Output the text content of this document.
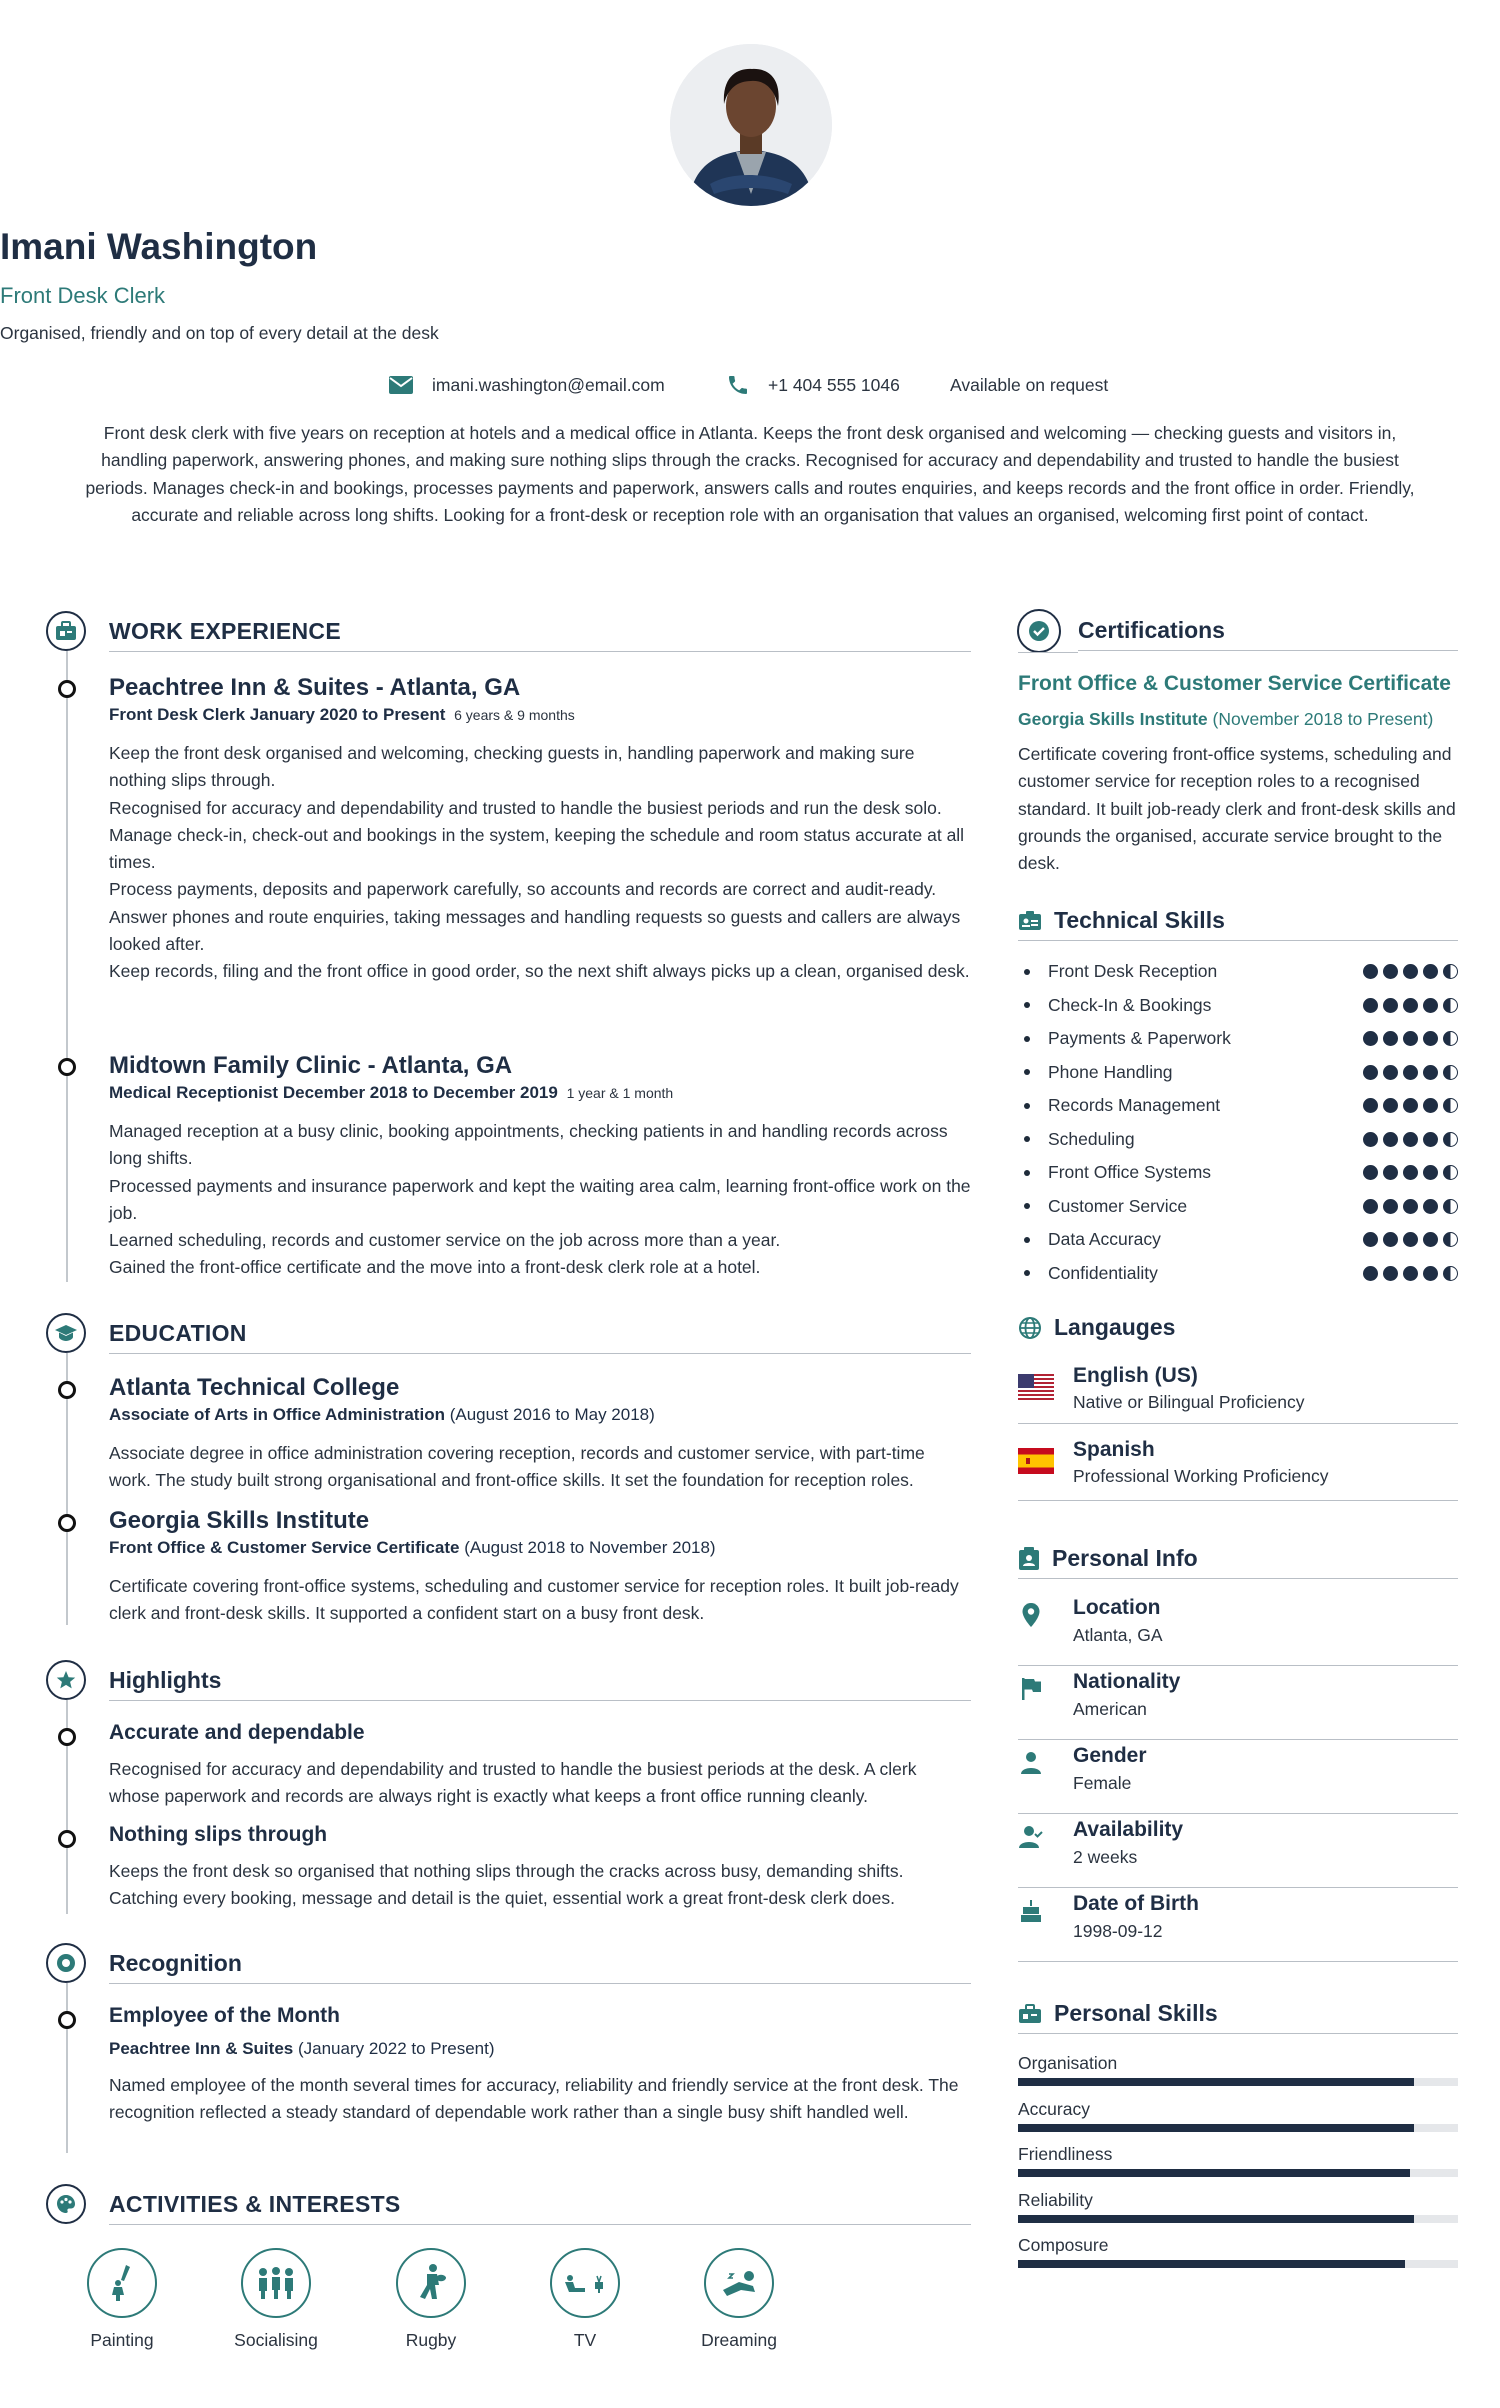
Imani Washington
Front Desk Clerk
Organised, friendly and on top of every detail at the desk
imani.washington@email.com	+1 404 555 1046	Available on request
Front desk clerk with five years on reception at hotels and a medical office in Atlanta. Keeps the front desk organised and welcoming — checking guests and visitors in, handling paperwork, answering phones, and making sure nothing slips through the cracks. Recognised for accuracy and dependability and trusted to handle the busiest periods. Manages check-in and bookings, processes payments and paperwork, answers calls and routes enquiries, and keeps records and the front office in order. Friendly, accurate and reliable across long shifts. Looking for a front-desk or reception role with an organisation that values an organised, welcoming first point of contact.
WORK EXPERIENCE
Peachtree Inn & Suites - Atlanta, GA
Front Desk Clerk January 2020 to Present 6 years & 9 months
Keep the front desk organised and welcoming, checking guests in, handling paperwork and making sure nothing slips through.
Recognised for accuracy and dependability and trusted to handle the busiest periods and run the desk solo.
Manage check-in, check-out and bookings in the system, keeping the schedule and room status accurate at all times.
Process payments, deposits and paperwork carefully, so accounts and records are correct and audit-ready.
Answer phones and route enquiries, taking messages and handling requests so guests and callers are always looked after.
Keep records, filing and the front office in good order, so the next shift always picks up a clean, organised desk.
Midtown Family Clinic - Atlanta, GA
Medical Receptionist December 2018 to December 2019 1 year & 1 month
Managed reception at a busy clinic, booking appointments, checking patients in and handling records across long shifts.
Processed payments and insurance paperwork and kept the waiting area calm, learning front-office work on the job.
Learned scheduling, records and customer service on the job across more than a year.
Gained the front-office certificate and the move into a front-desk clerk role at a hotel.
EDUCATION
Atlanta Technical College
Associate of Arts in Office Administration (August 2016 to May 2018)
Associate degree in office administration covering reception, records and customer service, with part-time work. The study built strong organisational and front-office skills. It set the foundation for reception roles.
Georgia Skills Institute
Front Office & Customer Service Certificate (August 2018 to November 2018)
Certificate covering front-office systems, scheduling and customer service for reception roles. It built job-ready clerk and front-desk skills. It supported a confident start on a busy front desk.
Highlights
Accurate and dependable
Recognised for accuracy and dependability and trusted to handle the busiest periods at the desk. A clerk whose paperwork and records are always right is exactly what keeps a front office running cleanly.
Nothing slips through
Keeps the front desk so organised that nothing slips through the cracks across busy, demanding shifts. Catching every booking, message and detail is the quiet, essential work a great front-desk clerk does.
Recognition
Employee of the Month
Peachtree Inn & Suites (January 2022 to Present)
Named employee of the month several times for accuracy, reliability and friendly service at the front desk. The recognition reflected a steady standard of dependable work rather than a single busy shift handled well.
ACTIVITIES & INTERESTS
Painting	Socialising	Rugby	TV	Dreaming
Certifications
Front Office & Customer Service Certificate
Georgia Skills Institute (November 2018 to Present)
Certificate covering front-office systems, scheduling and customer service for reception roles to a recognised standard. It built job-ready clerk and front-desk skills and grounds the organised, accurate service brought to the desk.
Technical Skills
Front Desk Reception
Check-In & Bookings
Payments & Paperwork
Phone Handling
Records Management
Scheduling
Front Office Systems
Customer Service
Data Accuracy
Confidentiality
Langauges
English (US)
Native or Bilingual Proficiency
Spanish
Professional Working Proficiency
Personal Info
Location
Atlanta, GA
Nationality
American
Gender
Female
Availability
2 weeks
Date of Birth
1998-09-12
Personal Skills
Organisation
Accuracy
Friendliness
Reliability
Composure
